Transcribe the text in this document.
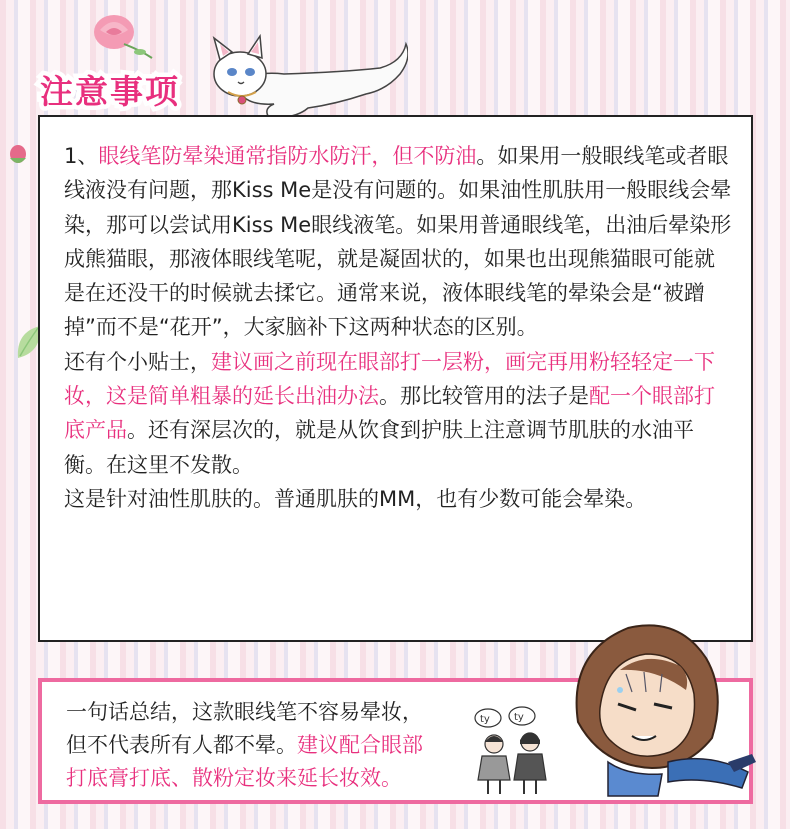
注意事项

1、眼线笔防晕染通常指防水防汗，但不防油。如果用一般眼线笔或者眼线液没有问题，那Kiss Me是没有问题的。如果油性肌肤用一般眼线会晕染，那可以尝试用Kiss Me眼线液笔。如果用普通眼线笔，出油后晕染形成熊猫眼，那液体眼线笔呢，就是凝固状的，如果也出现熊猫眼可能就是在还没干的时候就去揉它。通常来说，液体眼线笔的晕染会是“被蹭掉”而不是“花开”，大家脑补下这两种状态的区别。

还有个小贴士，建议画之前现在眼部打一层粉，画完再用粉轻轻定一下妆，这是简单粗暴的延长出油办法。那比较管用的法子是配一个眼部打底产品。还有深层次的，就是从饮食到护肤上注意调节肌肤的水油平衡。在这里不发散。

这是针对油性肌肤的。普通肌肤的MM，也有少数可能会晕染。

一句话总结，这款眼线笔不容易晕妆，

但不代表所有人都不晕。建议配合眼部

打底膏打底、散粉定妆来延长妆效。

ty ty
